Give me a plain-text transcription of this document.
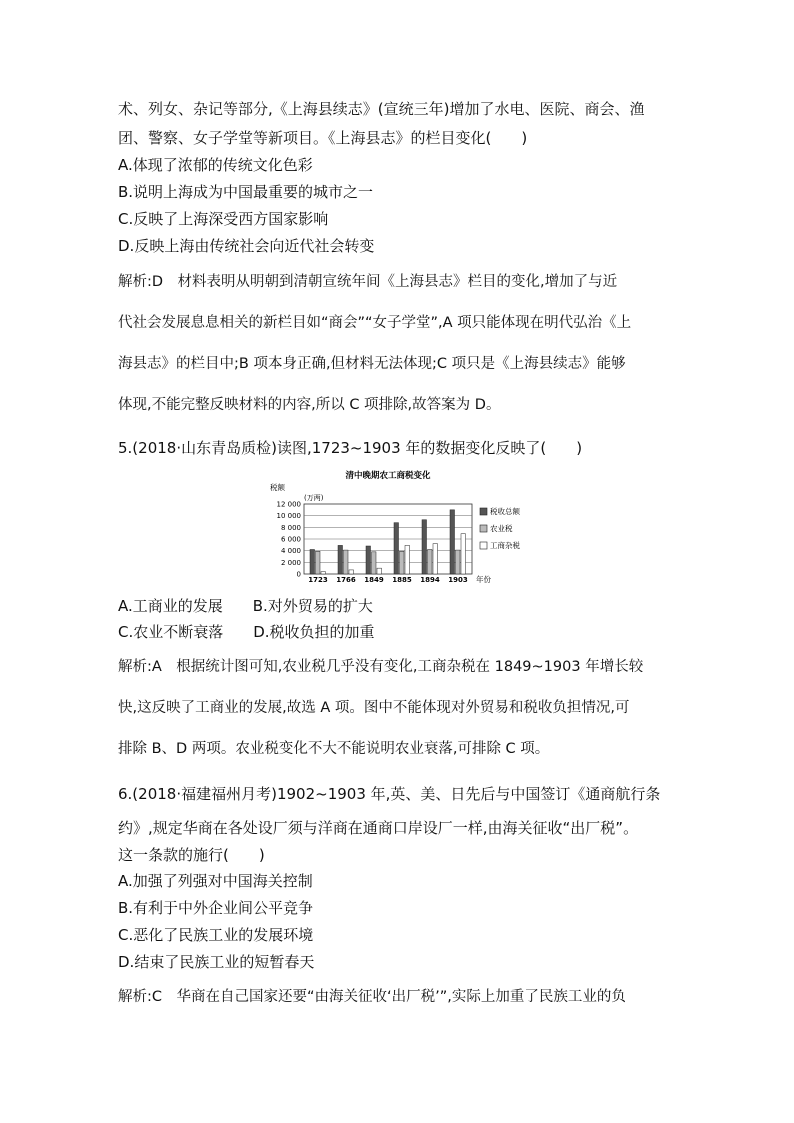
术、列女、杂记等部分,《上海县续志》(宣统三年)增加了水电、医院、商会、渔
团、警察、女子学堂等新项目。《上海县志》的栏目变化(　　)
A.体现了浓郁的传统文化色彩
B.说明上海成为中国最重要的城市之一
C.反映了上海深受西方国家影响
D.反映上海由传统社会向近代社会转变
解析:D　材料表明从明朝到清朝宣统年间《上海县志》栏目的变化,增加了与近
代社会发展息息相关的新栏目如“商会”“女子学堂”,A 项只能体现在明代弘治《上
海县志》的栏目中;B 项本身正确,但材料无法体现;C 项只是《上海县续志》能够
体现,不能完整反映材料的内容,所以 C 项排除,故答案为 D。
5.(2018·山东青岛质检)读图,1723~1903 年的数据变化反映了(　　)
清中晚期农工商税变化
税额
(万两)
12 000
10 000
8 000
6 000
4 000
2 000
0
1723 1766 1849 1885 1894 1903 年份
税收总额
农业税
工商杂税
A.工商业的发展　　B.对外贸易的扩大
C.农业不断衰落　　D.税收负担的加重
解析:A　根据统计图可知,农业税几乎没有变化,工商杂税在 1849~1903 年增长较
快,这反映了工商业的发展,故选 A 项。图中不能体现对外贸易和税收负担情况,可
排除 B、D 两项。农业税变化不大不能说明农业衰落,可排除 C 项。
6.(2018·福建福州月考)1902~1903 年,英、美、日先后与中国签订《通商航行条
约》,规定华商在各处设厂须与洋商在通商口岸设厂一样,由海关征收“出厂税”。
这一条款的施行(　　)
A.加强了列强对中国海关控制
B.有利于中外企业间公平竞争
C.恶化了民族工业的发展环境
D.结束了民族工业的短暂春天
解析:C　华商在自己国家还要“由海关征收‘出厂税’”,实际上加重了民族工业的负
